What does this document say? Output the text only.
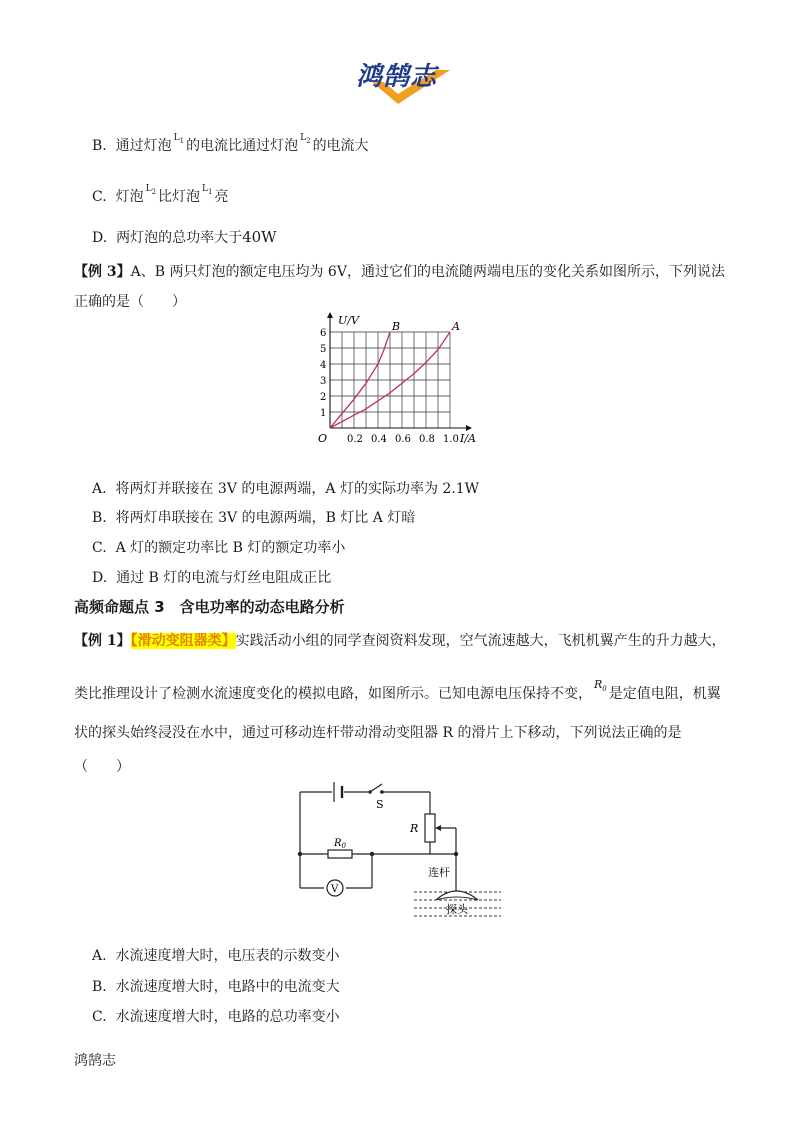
鸿鹄志
B. 通过灯泡 $^{L_1}$ 的电流比通过灯泡 $^{L_2}$ 的电流大
C. 灯泡 $^{L_2}$ 比灯泡 $^{L_1}$ 亮
D. 两灯泡的总功率大于40W
【例 3】A、B 两只灯泡的额定电压均为 6V，通过它们的电流随两端电压的变化关系如图所示，下列说法
正确的是（　　）
0.2 0.4 0.6 0.8 1.0
1
2
3
4
5
6
O	I/A
U/V	A
B
A. 将两灯并联接在 3V 的电源两端，A 灯的实际功率为 2.1W
B. 将两灯串联接在 3V 的电源两端，B 灯比 A 灯暗
C. A 灯的额定功率比 B 灯的额定功率小
D. 通过 B 灯的电流与灯丝电阻成正比
高频命题点 3　含电功率的动态电路分析
【例 1】【滑动变阻器类】实践活动小组的同学查阅资料发现，空气流速越大，飞机机翼产生的升力越大，
类比推理设计了检测水流速度变化的模拟电路，如图所示。已知电源电压保持不变，$^{R_0}$ 是定值电阻，机翼
状的探头始终浸没在水中，通过可移动连杆带动滑动变阻器 R 的滑片上下移动，下列说法正确的是
（　　）
S
R
$R_0$
V
连杆
探头
A. 水流速度增大时，电压表的示数变小
B. 水流速度增大时，电路中的电流变大
C. 水流速度增大时，电路的总功率变小
鸿鹄志
